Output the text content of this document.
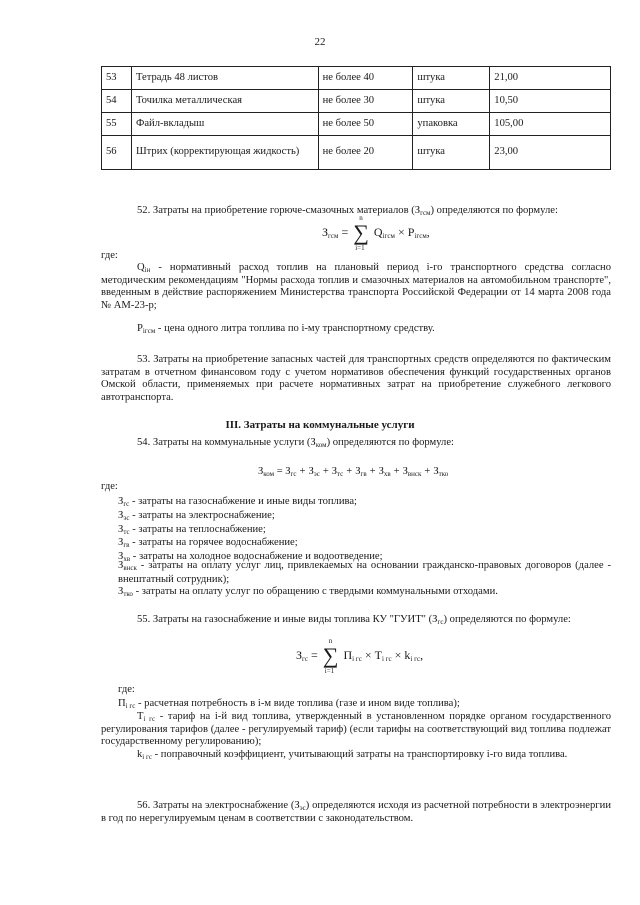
22
53	Тетрадь 48 листов	не более 40	штука	21,00
54	Точилка металлическая	не более 30	штука	10,50
55	Файл-вкладыш	не более 50	упаковка	105,00
56	Штрих (корректирующая жидкость)	не более 20	штука	23,00
52. Затраты на приобретение горюче-смазочных материалов $(З_{гсм})$ определяются по формуле:
$З_{гсм}$ = ∑
n
i=1
$Q_{iгсм} \times P_{iгсм}$,
где:
$Q_{iн}$ - нормативный расход топлив на плановый период i-го транспортного средства согласно методическим рекомендациям "Нормы расхода топлив и смазочных материалов на автомобильном транспорте", введенным в действие распоряжением Министерства транспорта Российской Федерации от 14 марта 2008 года № АМ-23-р;
$P_{iгсм}$ - цена одного литра топлива по i-му транспортному средству.
53. Затраты на приобретение запасных частей для транспортных средств определяются по фактическим затратам в отчетном финансовом году с учетом нормативов обеспечения функций государственных органов Омской области, применяемых при расчете нормативных затрат на приобретение служебного легкового автотранспорта.
III. Затраты на коммунальные услуги
54. Затраты на коммунальные услуги $(З_{ком})$ определяются по формуле:
$З_{ком} = З_{гс} + З_{эс} + З_{тс} + З_{гв} + З_{хв} + З_{внск} + З_{тко}$
где:
$З_{гс}$ - затраты на газоснабжение и иные виды топлива;
$З_{эс}$ - затраты на электроснабжение;
$З_{тс}$ - затраты на теплоснабжение;
$З_{гв}$ - затраты на горячее водоснабжение;
$З_{хв}$ - затраты на холодное водоснабжение и водоотведение;
$З_{внск}$ - затраты на оплату услуг лиц, привлекаемых на основании гражданско-правовых договоров (далее - внештатный сотрудник);
$З_{тко}$ - затраты на оплату услуг по обращению с твердыми коммунальными отходами.
55. Затраты на газоснабжение и иные виды топлива КУ "ГУИТ" $(З_{гс})$ определяются по формуле:
$З_{гс}$ = ∑
n
i=1
$П_{i гс} \times Т_{i гс} \times k_{i гс}$,
где:
$П_{i гс}$ - расчетная потребность в i-м виде топлива (газе и ином виде топлива);
$Т_{i гс}$ - тариф на i-й вид топлива, утвержденный в установленном порядке органом государственного регулирования тарифов (далее - регулируемый тариф) (если тарифы на соответствующий вид топлива подлежат государственному регулированию);
$k_{i гс}$ - поправочный коэффициент, учитывающий затраты на транспортировку i-го вида топлива.
56. Затраты на электроснабжение $(З_{эс})$ определяются исходя из расчетной потребности в электроэнергии в год по нерегулируемым ценам в соответствии с законодательством.
